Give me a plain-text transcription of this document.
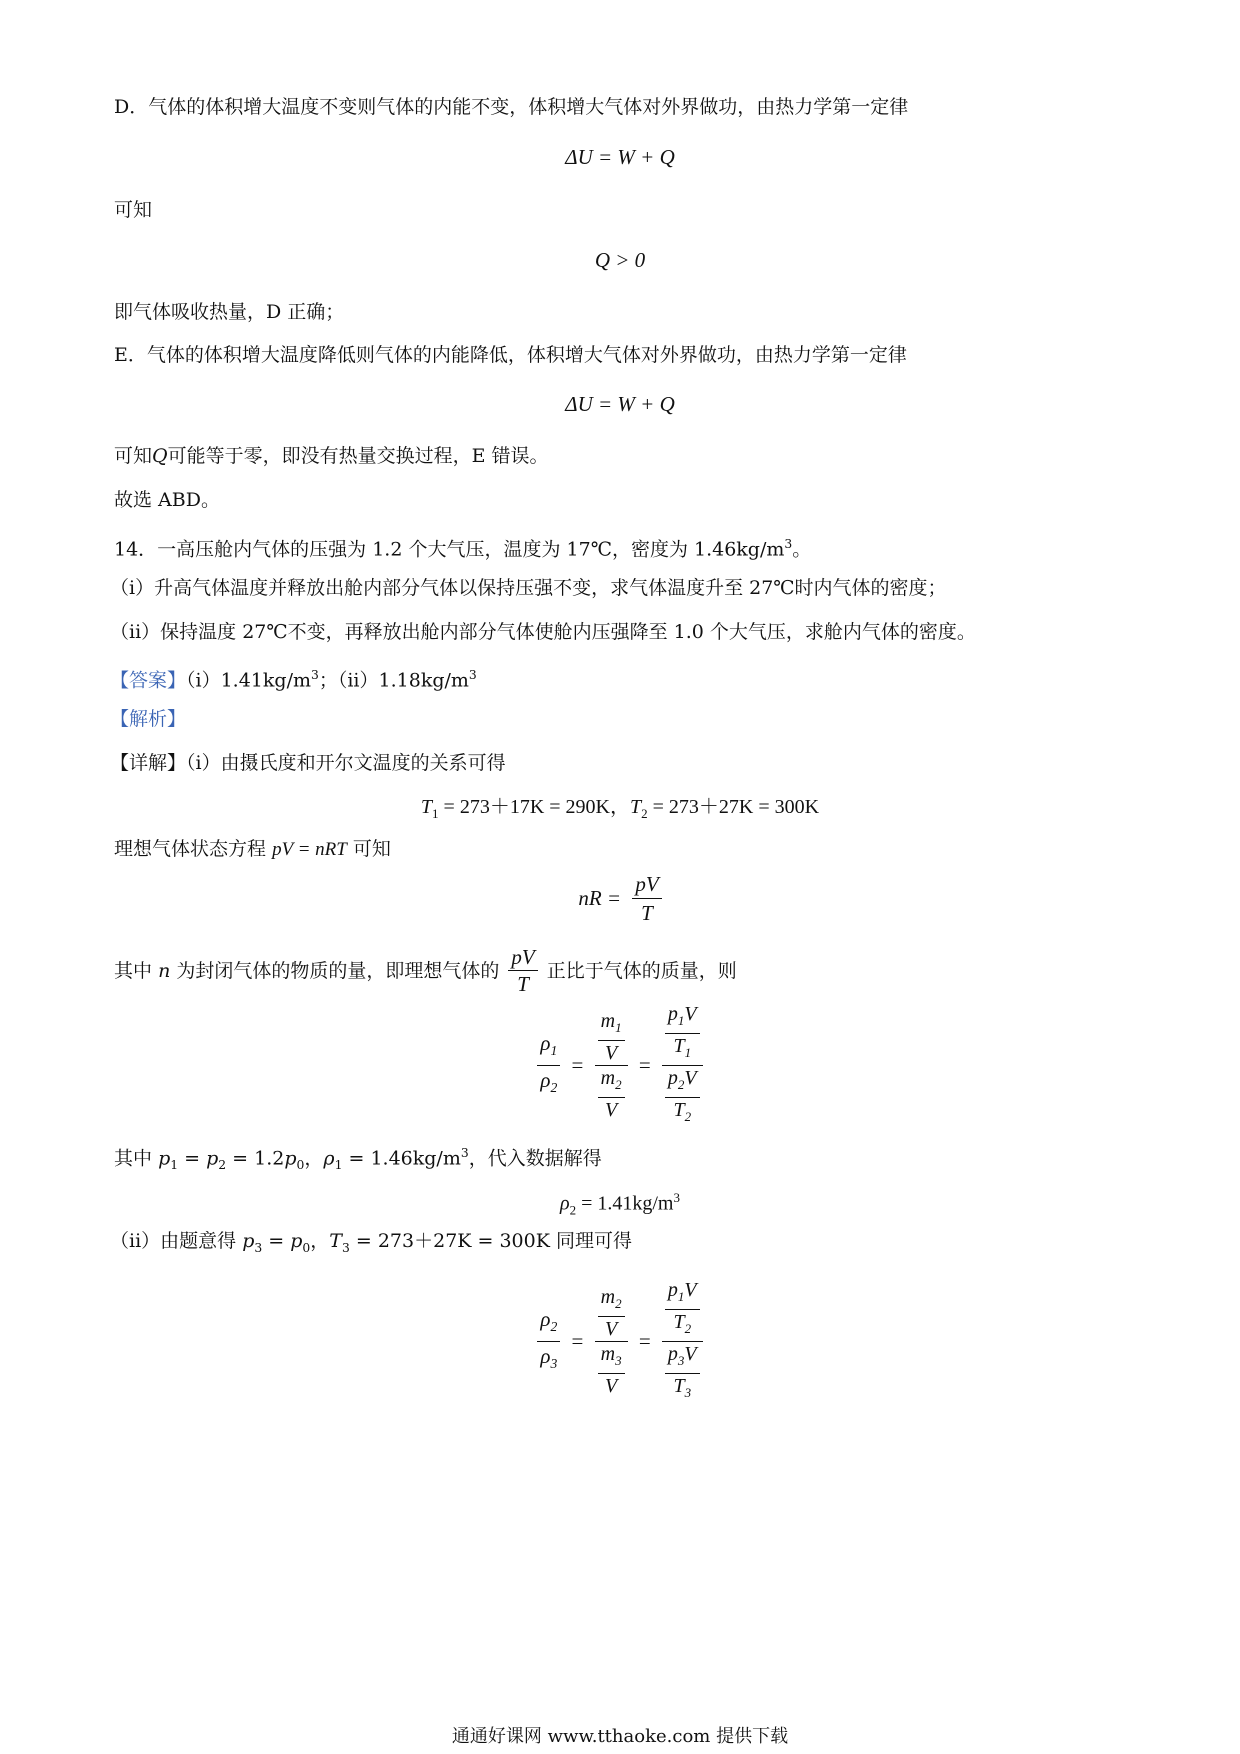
D．气体的体积增大温度不变则气体的内能不变，体积增大气体对外界做功，由热力学第一定律
ΔU = W + Q
可知
Q > 0
即气体吸收热量，D 正确；
E．气体的体积增大温度降低则气体的内能降低，体积增大气体对外界做功，由热力学第一定律
ΔU = W + Q
可知Q可能等于零，即没有热量交换过程，E 错误。
故选 ABD。
14．一高压舱内气体的压强为 1.2 个大气压，温度为 17℃，密度为 $1.46kg/m^3$。
（i）升高气体温度并释放出舱内部分气体以保持压强不变，求气体温度升至 27℃时内气体的密度；
（ii）保持温度 27℃不变，再释放出舱内部分气体使舱内压强降至 1.0 个大气压，求舱内气体的密度。
【答案】$(i)1.41kg/m^3$；$(ii)1.18kg/m^3$
【解析】
【详解】（i）由摄氏度和开尔文温度的关系可得
$T_1 = 273+17K = 290K$，$T_2 = 273+27K = 300K$
理想气体状态方程 pV = nRT 可知
nR = $\frac{pV}{T}$
其中 n 为封闭气体的物质的量，即理想气体的 $\frac{pV}{T}$ 正比于气体的质量，则
$\frac{\rho_1}{\rho_2} = \frac{\frac{m_1}{V}}{\frac{m_2}{V}} = \frac{\frac{p_1V}{T_1}}{\frac{p_2V}{T_2}}$
其中 $p_1 = p_2 = 1.2p_0$，$\rho_1 = 1.46kg/m^3$，代入数据解得
$\rho_2 = 1.41kg/m^3$
（ii）由题意得 $p_3 = p_0$，$T_3 = 273+27K = 300K$ 同理可得
$\frac{\rho_2}{\rho_3} = \frac{\frac{m_2}{V}}{\frac{m_3}{V}} = \frac{\frac{p_1V}{T_2}}{\frac{p_3V}{T_3}}$
通通好课网 www.tthaoke.com 提供下载
